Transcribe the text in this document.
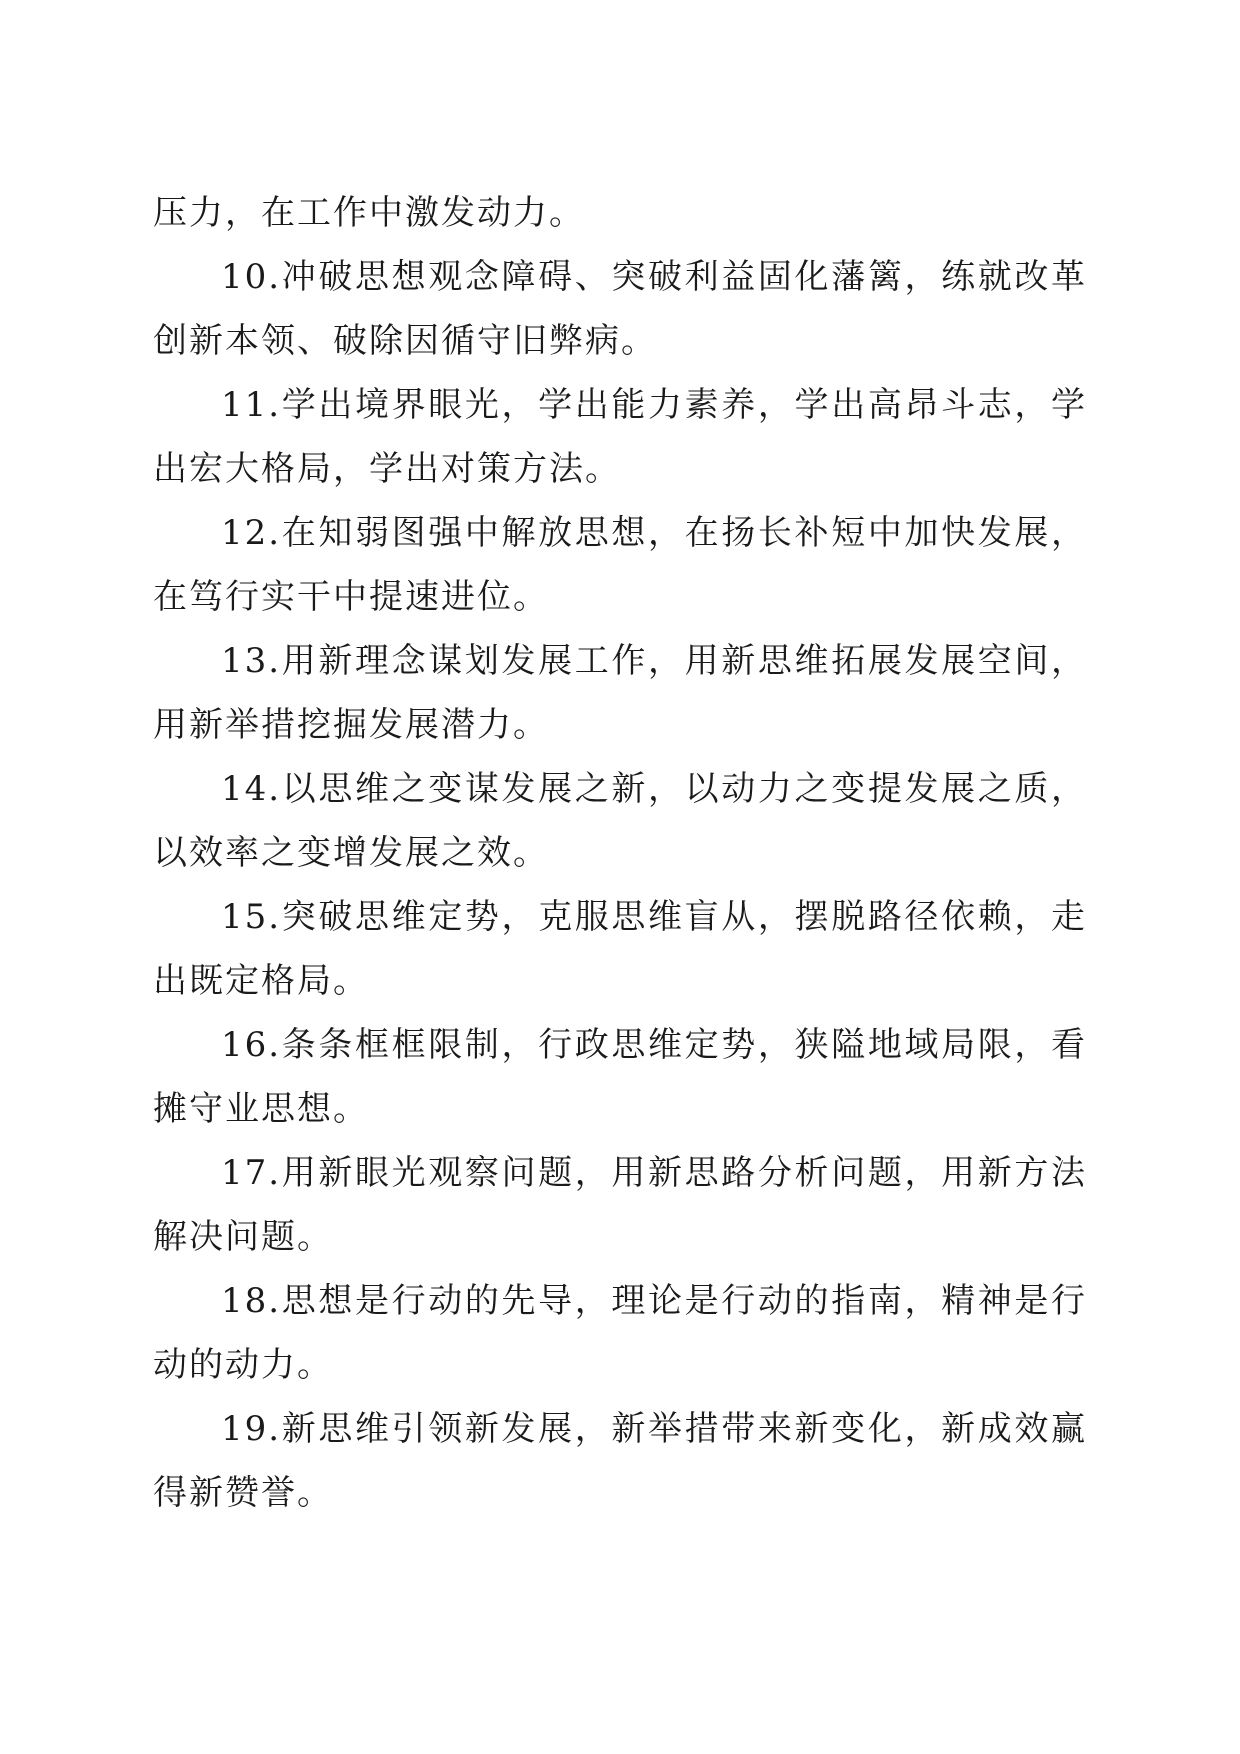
压力，在工作中激发动力。

10.冲破思想观念障碍、突破利益固化藩篱，练就改革创新本领、破除因循守旧弊病。

11.学出境界眼光，学出能力素养，学出高昂斗志，学出宏大格局，学出对策方法。

12.在知弱图强中解放思想，在扬长补短中加快发展，在笃行实干中提速进位。

13.用新理念谋划发展工作，用新思维拓展发展空间，用新举措挖掘发展潜力。

14.以思维之变谋发展之新，以动力之变提发展之质，以效率之变增发展之效。

15.突破思维定势，克服思维盲从，摆脱路径依赖，走出既定格局。

16.条条框框限制，行政思维定势，狭隘地域局限，看摊守业思想。

17.用新眼光观察问题，用新思路分析问题，用新方法解决问题。

18.思想是行动的先导，理论是行动的指南，精神是行动的动力。

19.新思维引领新发展，新举措带来新变化，新成效赢得新赞誉。
